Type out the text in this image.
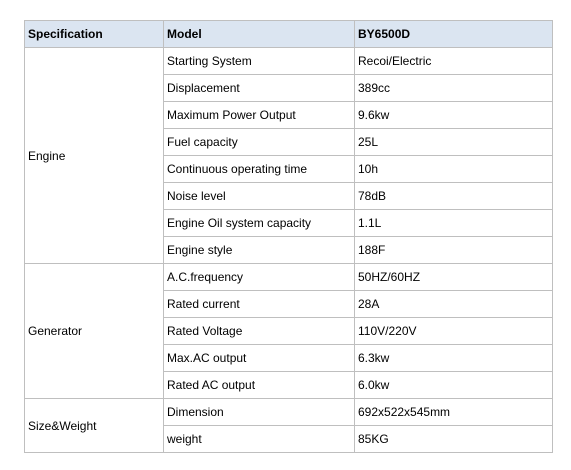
Specification	Model	BY6500D
Engine	Starting System	Recoi/Electric
	Displacement	389cc
	Maximum Power Output	9.6kw
	Fuel capacity	25L
	Continuous operating time	10h
	Noise level	78dB
	Engine Oil system capacity	1.1L
	Engine style	188F
Generator	A.C.frequency	50HZ/60HZ
	Rated current	28A
	Rated Voltage	110V/220V
	Max.AC output	6.3kw
	Rated AC output	6.0kw
Size&Weight	Dimension	692x522x545mm
	weight	85KG
